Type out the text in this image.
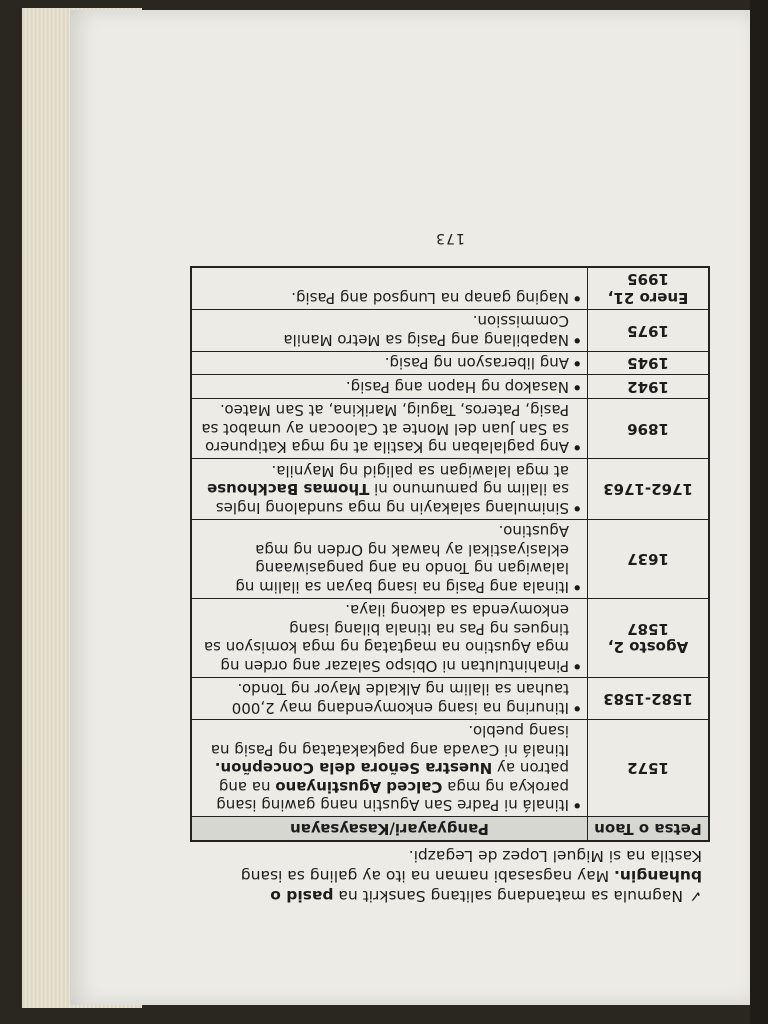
✓Nagmula sa matandang salitang Sanskrit na pasid o buhangin. May nagsasabi naman na ito ay galing sa isang Kastila na si Miguel Lopez de Legazpi.
Petsa o Taon	Pangyayari/Kasaysayan
1572	• Itinalá ni Padre San Agustin nang gawing isang parokya ng mga Calced Agustinyano na ang patron ay Nuestra Señora dela Concepñon. Itinalá ni Cavada ang pagkakatatag ng Pasig na isang pueblo.
1582-1583	• Itinuring na isang enkomyendang may 2,000 tauhan sa ilalim ng Alkalde Mayor ng Tondo.
Agosto 2, 1587	• Pinahintulutan ni Obispo Salazar ang orden ng mga Agustino na magtatag ng mga komisyon sa tingues ng Pas na itinala bilang isang enkomyenda sa dakong ilaya.
1637	• Itinala ang Pasig na isang bayan sa ilalim ng lalawigan ng Tondo na ang pangasiwaang eklasiyastikal ay hawak ng Orden ng mga Agustino.
1762-1763	• Sinimulang salakayin ng mga sundalong Ingles sa ilalim ng pamumuno ni Thomas Backhouse at mga lalawigan sa paligid ng Maynila.
1896	• Ang paglalaban ng Kastila at ng mga Katipunero sa San Juan del Monte at Caloocan ay umabot sa Pasig, Pateros, Taguig, Marikina, at San Mateo.
1942	• Nasakop ng Hapon ang Pasig.
1945	• Ang liberasyon ng Pasig.
1975	• Napabilang ang Pasig sa Metro Manila Commission.
Enero 21, 1995	• Naging ganap na Lungsod ang Pasig.
173
